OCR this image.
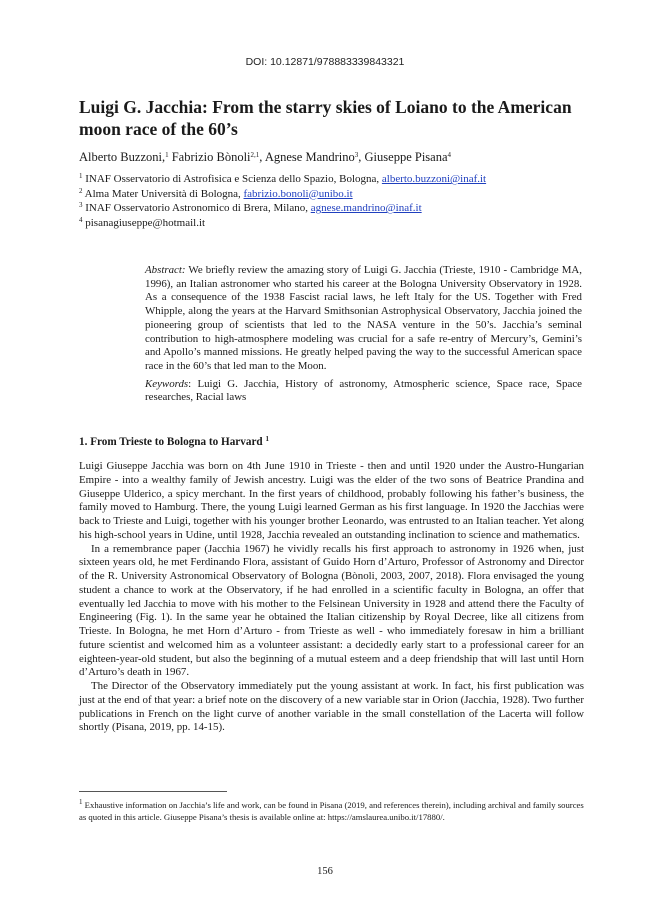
DOI: 10.12871/978883339843321
Luigi G. Jacchia: From the starry skies of Loiano to the American moon race of the 60’s
Alberto Buzzoni,$^1$ Fabrizio Bònoli$^{2,1}$, Agnese Mandrino$^3$, Giuseppe Pisana$^4$
$^1$ INAF Osservatorio di Astrofisica e Scienza dello Spazio, Bologna, alberto.buzzoni@inaf.it
$^2$ Alma Mater Università di Bologna, fabrizio.bonoli@unibo.it
$^3$ INAF Osservatorio Astronomico di Brera, Milano, agnese.mandrino@inaf.it
$^4$ pisanagiuseppe@hotmail.it

Abstract: We briefly review the amazing story of Luigi G. Jacchia (Trieste, 1910 - Cambridge MA, 1996), an Italian astronomer who started his career at the Bologna University Observatory in 1928. As a consequence of the 1938 Fascist racial laws, he left Italy for the US. Together with Fred Whipple, along the years at the Harvard Smithsonian Astrophysical Observatory, Jacchia joined the pioneering group of scientists that led to the NASA venture in the 50’s. Jacchia’s seminal contribution to high-atmosphere modeling was crucial for a safe re-entry of Mercury’s, Gemini’s and Apollo’s manned missions. He greatly helped paving the way to the successful American space race in the 60’s that led man to the Moon.

Keywords: Luigi G. Jacchia, History of astronomy, Atmospheric science, Space race, Space researches, Racial laws

1. From Trieste to Bologna to Harvard $^1$

Luigi Giuseppe Jacchia was born on 4th June 1910 in Trieste - then and until 1920 under the Austro-Hungarian Empire - into a wealthy family of Jewish ancestry. Luigi was the elder of the two sons of Beatrice Prandina and Giuseppe Ulderico, a spicy merchant. In the first years of childhood, probably following his father’s business, the family moved to Hamburg. There, the young Luigi learned German as his first language. In 1920 the Jacchias were back to Trieste and Luigi, together with his younger brother Leonardo, was entrusted to an Italian teacher. Yet along his high-school years in Udine, until 1928, Jacchia revealed an outstanding inclination to science and mathematics.

In a remembrance paper (Jacchia 1967) he vividly recalls his first approach to astronomy in 1926 when, just sixteen years old, he met Ferdinando Flora, assistant of Guido Horn d’Arturo, Professor of Astronomy and Director of the R. University Astronomical Observatory of Bologna (Bònoli, 2003, 2007, 2018). Flora envisaged the young student a chance to work at the Observatory, if he had enrolled in a scientific faculty in Bologna, an offer that eventually led Jacchia to move with his mother to the Felsinean University in 1928 and attend there the Faculty of Engineering (Fig. 1). In the same year he obtained the Italian citizenship by Royal Decree, like all citizens from Trieste. In Bologna, he met Horn d’Arturo - from Trieste as well - who immediately foresaw in him a brilliant future scientist and welcomed him as a volunteer assistant: a decidedly early start to a professional career for an eighteen-year-old student, but also the beginning of a mutual esteem and a deep friendship that will last until Horn d’Arturo’s death in 1967.

The Director of the Observatory immediately put the young assistant at work. In fact, his first publication was just at the end of that year: a brief note on the discovery of a new variable star in Orion (Jacchia, 1928). Two further publications in French on the light curve of another variable in the small constellation of the Lacerta will follow shortly (Pisana, 2019, pp. 14-15).

$^1$ Exhaustive information on Jacchia’s life and work, can be found in Pisana (2019, and references therein), including archival and family sources as quoted in this article. Giuseppe Pisana’s thesis is available online at: https://amslaurea.unibo.it/17880/.
156
